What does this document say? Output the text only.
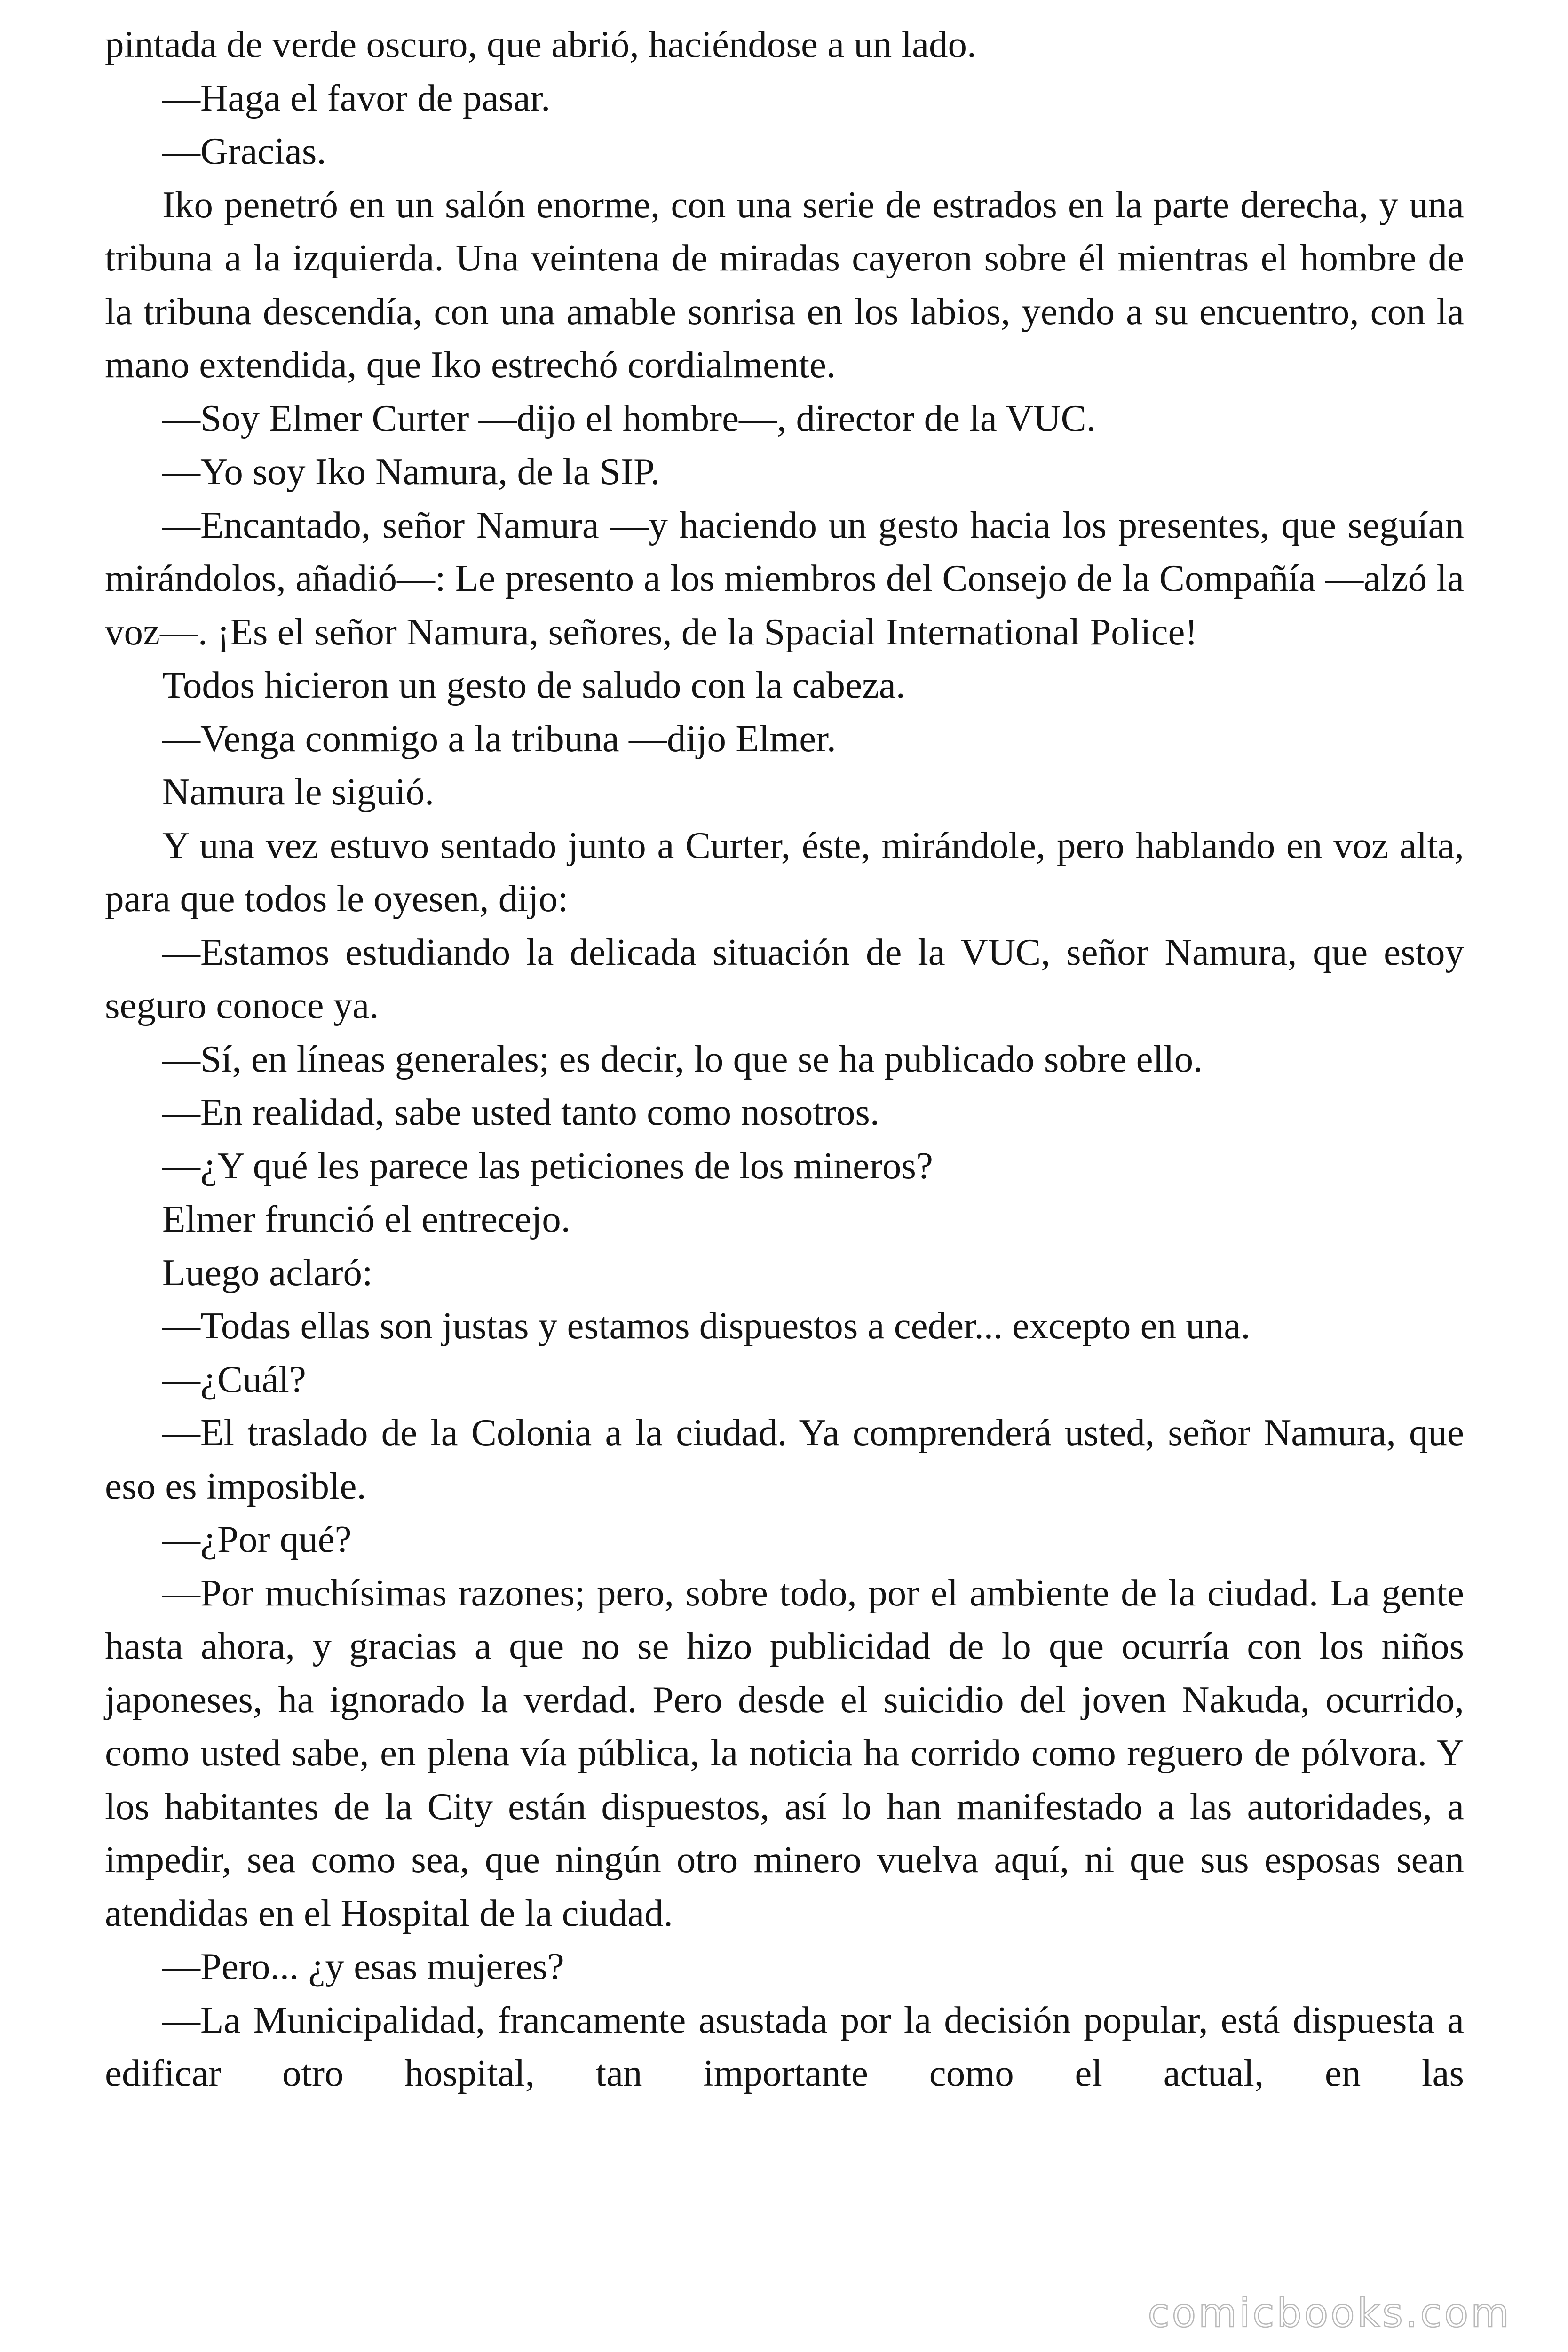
pintada de verde oscuro, que abrió, haciéndose a un lado.

—Haga el favor de pasar.

—Gracias.

Iko penetró en un salón enorme, con una serie de estrados en la parte derecha, y una tribuna a la izquierda. Una veintena de miradas cayeron sobre él mientras el hombre de la tribuna descendía, con una amable sonrisa en los labios, yendo a su encuentro, con la mano extendida, que Iko estrechó cordialmente.

—Soy Elmer Curter —dijo el hombre—, director de la VUC.

—Yo soy Iko Namura, de la SIP.

—Encantado, señor Namura —y haciendo un gesto hacia los presentes, que seguían mirándolos, añadió—: Le presento a los miembros del Consejo de la Compañía —alzó la voz—. ¡Es el señor Namura, señores, de la Spacial International Police!

Todos hicieron un gesto de saludo con la cabeza.

—Venga conmigo a la tribuna —dijo Elmer.

Namura le siguió.

Y una vez estuvo sentado junto a Curter, éste, mirándole, pero hablando en voz alta, para que todos le oyesen, dijo:

—Estamos estudiando la delicada situación de la VUC, señor Namura, que estoy seguro conoce ya.

—Sí, en líneas generales; es decir, lo que se ha publicado sobre ello.

—En realidad, sabe usted tanto como nosotros.

—¿Y qué les parece las peticiones de los mineros?

Elmer frunció el entrecejo.

Luego aclaró:

—Todas ellas son justas y estamos dispuestos a ceder... excepto en una.

—¿Cuál?

—El traslado de la Colonia a la ciudad. Ya comprenderá usted, señor Namura, que eso es imposible.

—¿Por qué?

—Por muchísimas razones; pero, sobre todo, por el ambiente de la ciudad. La gente hasta ahora, y gracias a que no se hizo publicidad de lo que ocurría con los niños japoneses, ha ignorado la verdad. Pero desde el suicidio del joven Nakuda, ocurrido, como usted sabe, en plena vía pública, la noticia ha corrido como reguero de pólvora. Y los habitantes de la City están dispuestos, así lo han manifestado a las autoridades, a impedir, sea como sea, que ningún otro minero vuelva aquí, ni que sus esposas sean atendidas en el Hospital de la ciudad.

—Pero... ¿y esas mujeres?

—La Municipalidad, francamente asustada por la decisión popular, está dispuesta a edificar otro hospital, tan importante como el actual, en las

comicbooks.com
